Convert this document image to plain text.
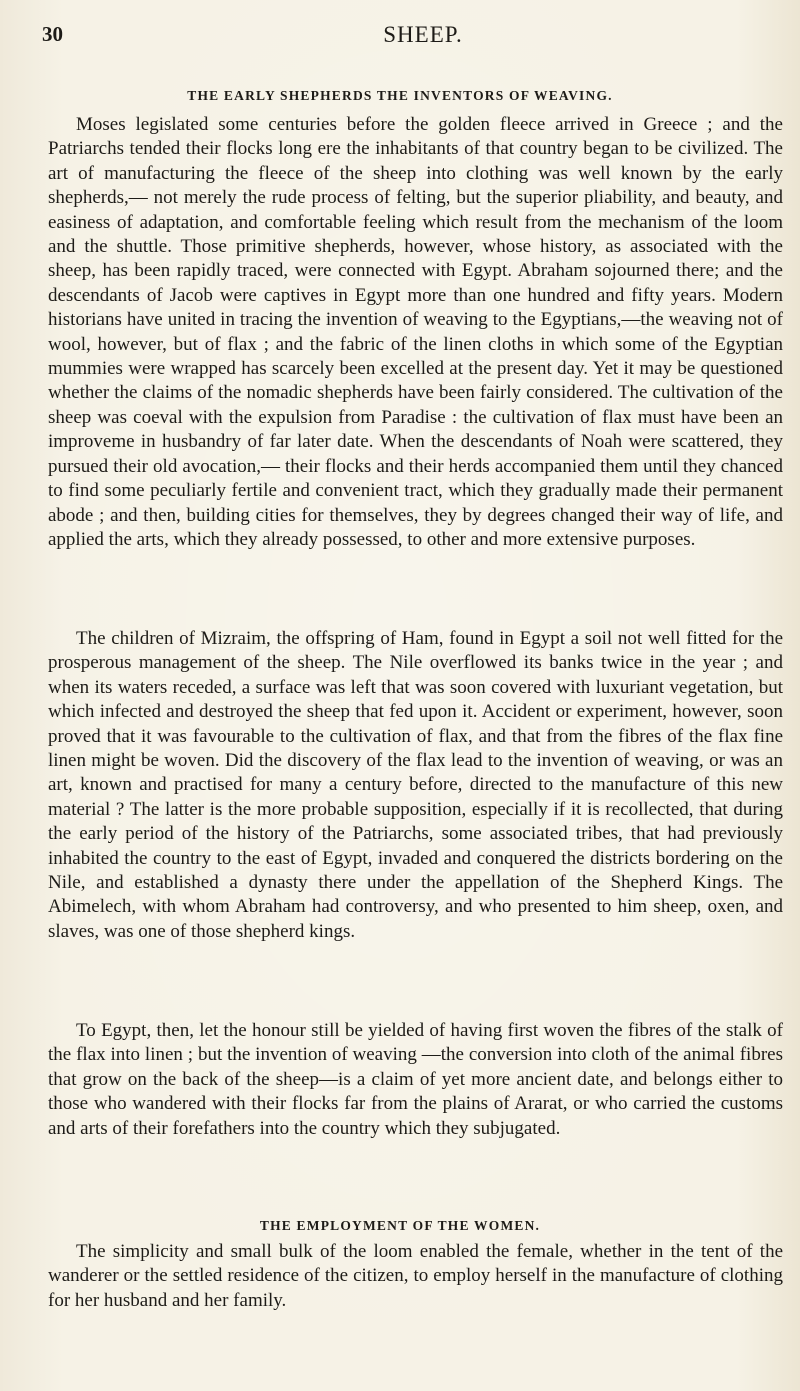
30	SHEEP.
THE EARLY SHEPHERDS THE INVENTORS OF WEAVING.

Moses legislated some centuries before the golden fleece arrived in Greece ; and the Patriarchs tended their flocks long ere the inhabitants of that country began to be civilized. The art of manufacturing the fleece of the sheep into clothing was well known by the early shepherds,— not merely the rude process of felting, but the superior pliability, and beauty, and easiness of adaptation, and comfortable feeling which result from the mechanism of the loom and the shuttle. Those primitive shepherds, however, whose history, as associated with the sheep, has been rapidly traced, were connected with Egypt. Abraham sojourned there; and the descendants of Jacob were captives in Egypt more than one hundred and fifty years. Modern historians have united in tracing the invention of weaving to the Egyptians,—the weaving not of wool, however, but of flax ; and the fabric of the linen cloths in which some of the Egyptian mummies were wrapped has scarcely been excelled at the present day. Yet it may be questioned whether the claims of the nomadic shepherds have been fairly considered. The cultivation of the sheep was coeval with the expulsion from Paradise : the cultivation of flax must have been an improveme in husbandry of far later date. When the descendants of Noah were scattered, they pursued their old avocation,— their flocks and their herds accompanied them until they chanced to find some peculiarly fertile and convenient tract, which they gradually made their permanent abode ; and then, building cities for themselves, they by degrees changed their way of life, and applied the arts, which they already possessed, to other and more extensive purposes.

The children of Mizraim, the offspring of Ham, found in Egypt a soil not well fitted for the prosperous management of the sheep. The Nile overflowed its banks twice in the year ; and when its waters receded, a surface was left that was soon covered with luxuriant vegetation, but which infected and destroyed the sheep that fed upon it. Accident or experiment, however, soon proved that it was favourable to the cultivation of flax, and that from the fibres of the flax fine linen might be woven. Did the discovery of the flax lead to the invention of weaving, or was an art, known and practised for many a century before, directed to the manufacture of this new material ? The latter is the more probable supposition, especially if it is recollected, that during the early period of the history of the Patriarchs, some associated tribes, that had previously inhabited the country to the east of Egypt, invaded and conquered the districts bordering on the Nile, and established a dynasty there under the appellation of the Shepherd Kings. The Abimelech, with whom Abraham had controversy, and who presented to him sheep, oxen, and slaves, was one of those shepherd kings.

To Egypt, then, let the honour still be yielded of having first woven the fibres of the stalk of the flax into linen ; but the invention of weaving —the conversion into cloth of the animal fibres that grow on the back of the sheep—is a claim of yet more ancient date, and belongs either to those who wandered with their flocks far from the plains of Ararat, or who carried the customs and arts of their forefathers into the country which they subjugated.

THE EMPLOYMENT OF THE WOMEN.

The simplicity and small bulk of the loom enabled the female, whether in the tent of the wanderer or the settled residence of the citizen, to employ herself in the manufacture of clothing for her husband and her family.
